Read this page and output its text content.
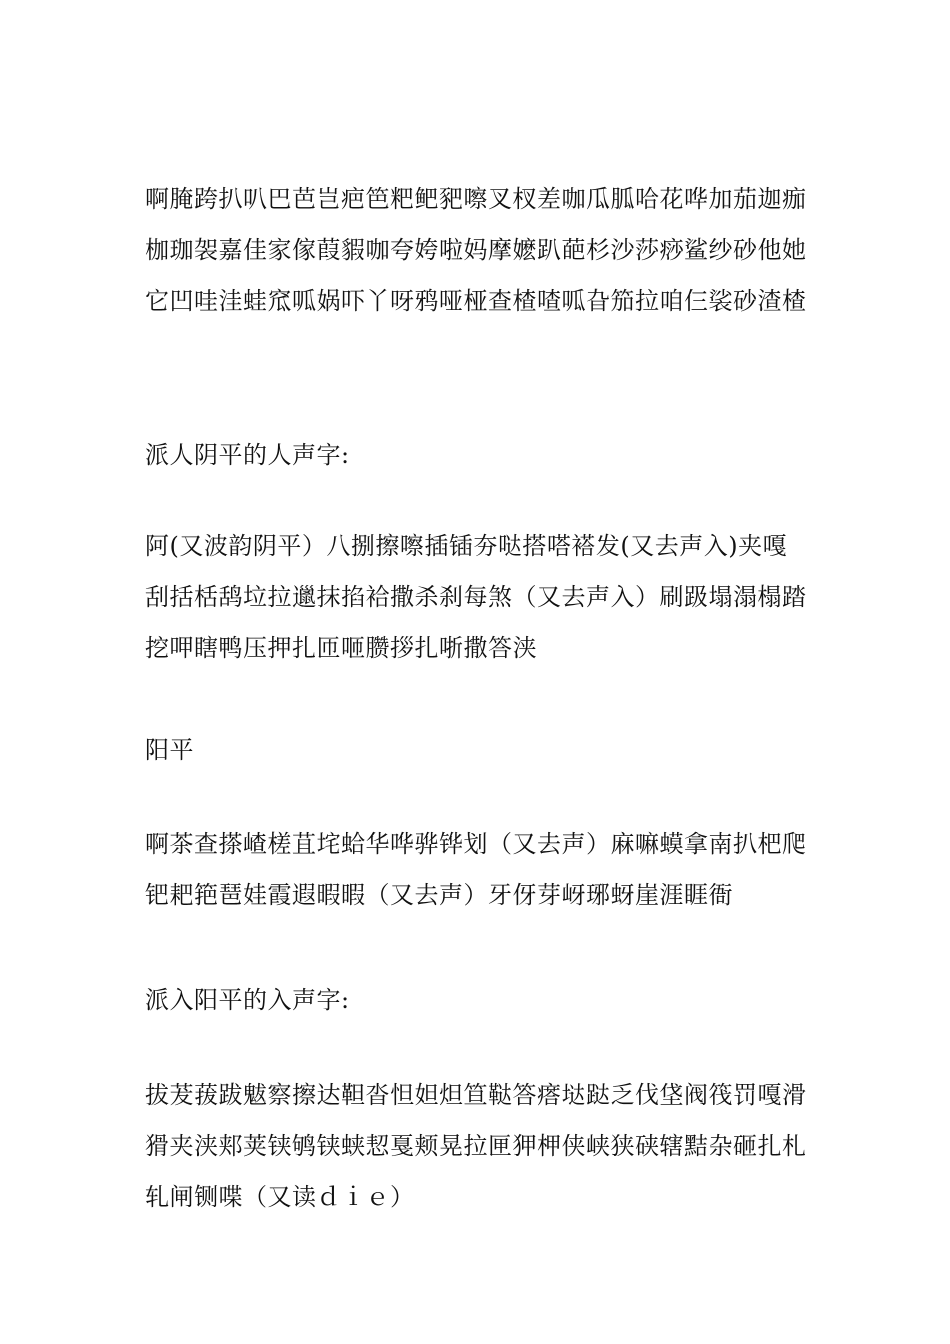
啊腌跨扒叭巴芭岂疤笆粑鲃豝嚓叉杈差咖瓜胍哈花哗加茄迦痂枷珈袈嘉佳家傢葭貑咖夸姱啦妈摩嬷趴葩杉沙莎痧鲨纱砂他她它凹哇洼蛙窊呱娲吓丫呀鸦哑桠查楂喳呱旮笳拉咱仨裟砂渣楂

派人阴平的人声字:

阿(又波韵阴平）八捌擦嚓插锸夯哒搭嗒褡发(又去声入)夹嘎刮括栝鸹垃拉邋抹掐袷撒杀刹每煞（又去声入）刷趿塌溻榻踏挖呷瞎鸭压押扎匝咂臜拶扎哳撒答浃

阳平

啊茶查搽嵖槎苴垞蛤华哗骅铧划（又去声）麻嘛蟆拿南扒杷爬钯耙筢琶娃霞遐暇暇（又去声）牙伢芽岈琊蚜崖涯睚衙

派入阳平的入声字:

拔茇菝跋魃察擦达靼沓怛妲炟笪鞑答瘩垯跶乏伐垡阀筏罚嘎滑猾夹浃郏荚铗鸲铗蛱恝戛颊晃拉匣狎柙侠峡狭硖辖黠杂砸扎札轧闸铡喋（又读ｄｉｅ）
